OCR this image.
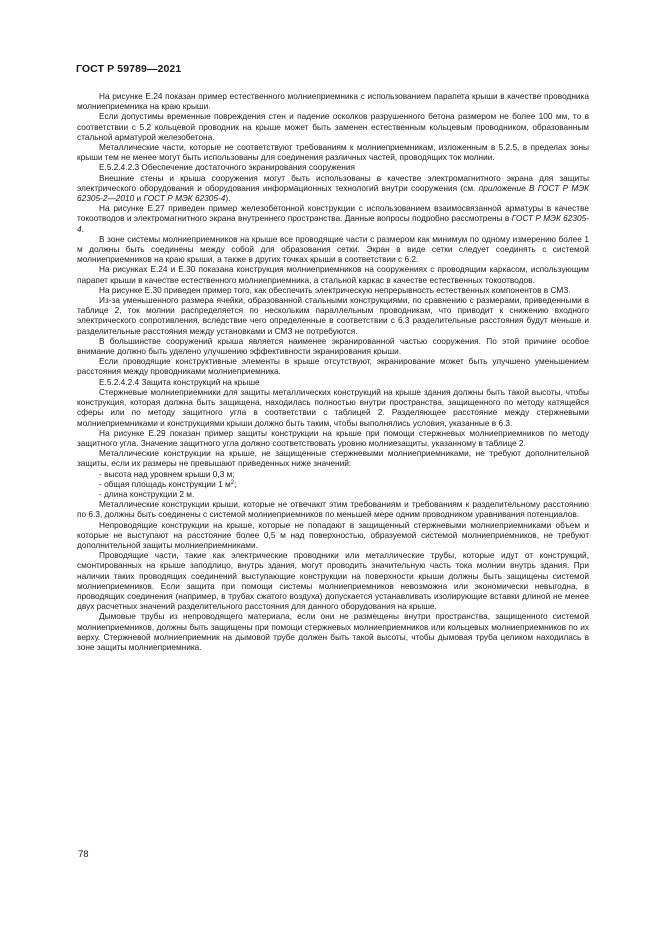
ГОСТ Р 59789—2021

На рисунке Е.24 показан пример естественного молниеприемника с использованием парапета крыши в качестве проводника молниеприемника на краю крыши.

Если допустимы временные повреждения стен и падение осколков разрушенного бетона размером не более 100 мм, то в соответствии с 5.2 кольцевой проводник на крыше может быть заменен естественным кольцевым проводником, образованным стальной арматурой железобетона.

Металлические части, которые не соответствуют требованиям к молниеприемникам, изложенным в 5.2.5, в пределах зоны крыши тем не менее могут быть использованы для соединения различных частей, проводящих ток молнии.

Е.5.2.4.2.3 Обеспечение достаточного экранирования сооружения

Внешние стены и крыша сооружения могут быть использованы в качестве электромагнитного экрана для защиты электрического оборудования и оборудования информационных технологий внутри сооружения (см. приложение В ГОСТ Р МЭК 62305-2—2010 и ГОСТ Р МЭК 62305-4).

На рисунке Е.27 приведен пример железобетонной конструкции с использованием взаимосвязанной арматуры в качестве токоотводов и электромагнитного экрана внутреннего пространства. Данные вопросы подробно рассмотрены в ГОСТ Р МЭК 62305-4.

В зоне системы молниеприемников на крыше все проводящие части с размером как минимум по одному измерению более 1 м должны быть соединены между собой для образования сетки. Экран в виде сетки следует соединять с системой молниеприемников на краю крыши, а также в других точках крыши в соответствии с 6.2.

На рисунках Е.24 и Е.30 показана конструкция молниеприемников на сооружениях с проводящим каркасом, использующим парапет крыши в качестве естественного молниеприемника, а стальной каркас в качестве естественных токоотводов.

На рисунке Е.30 приведен пример того, как обеспечить электрическую непрерывность естественных компонентов в СМЗ.

Из-за уменьшенного размера ячейки, образованной стальными конструкциями, по сравнению с размерами, приведенными в таблице 2, ток молнии распределяется по нескольким параллельным проводникам, что приводит к снижению входного электрического сопротивления, вследствие чего определенные в соответствии с 6.3 разделительные расстояния будут меньше и разделительные расстояния между установками и СМЗ не потребуются.

В большинстве сооружений крыша является наименее экранированной частью сооружения. По этой причине особое внимание должно быть уделено улучшению эффективности экранирования крыши.

Если проводящие конструктивные элементы в крыше отсутствуют, экранирование может быть улучшено уменьшением расстояния между проводниками молниеприемника.

Е.5.2.4.2.4 Защита конструкций на крыше

Стержневые молниеприемники для защиты металлических конструкций на крыше здания должны быть такой высоты, чтобы конструкция, которая должна быть защищена, находилась полностью внутри пространства, защищенного по методу катящейся сферы или по методу защитного угла в соответствии с таблицей 2. Разделяющее расстояние между стержневыми молниеприемниками и конструкциями крыши должно быть таким, чтобы выполнялись условия, указанные в 6.3.

На рисунке Е.29 показан пример защиты конструкции на крыше при помощи стержневых молниеприемников по методу защитного угла. Значение защитного угла должно соответствовать уровню молниезащиты, указанному в таблице 2.

Металлические конструкции на крыше, не защищенные стержневыми молниеприемниками, не требуют дополнительной защиты, если их размеры не превышают приведенных ниже значений:

- высота над уровнем крыши 0,3 м;

- общая площадь конструкции 1 $м^2$;

- длина конструкции 2 м.

Металлические конструкции крыши, которые не отвечают этим требованиям и требованиям к разделительному расстоянию по 6.3, должны быть соединены с системой молниеприемников по меньшей мере одним проводником уравнивания потенциалов.

Непроводящие конструкции на крыше, которые не попадают в защищенный стержневыми молниеприемниками объем и которые не выступают на расстояние более 0,5 м над поверхностью, образуемой системой молниеприемников, не требуют дополнительной защиты молниеприемниками.

Проводящие части, такие как электрические проводники или металлические трубы, которые идут от конструкций, смонтированных на крыше заподлицо, внутрь здания, могут проводить значительную часть тока молнии внутрь здания. При наличии таких проводящих соединений выступающие конструкции на поверхности крыши должны быть защищены системой молниеприемников. Если защита при помощи системы молниеприемников невозможна или экономически невыгодна, в проводящих соединения (например, в трубах сжатого воздуха) допускается устанавливать изолирующие вставки длиной не менее двух расчетных значений разделительного расстояния для данного оборудования на крыше.

Дымовые трубы из непроводящего материала, если они не размещены внутри пространства, защищенного системой молниеприемников, должны быть защищены при помощи стержневых молниеприемников или кольцевых молниеприемников по их верху. Стержневой молниеприемник на дымовой трубе должен быть такой высоты, чтобы дымовая труба целиком находилась в зоне защиты молниеприемника.

78
